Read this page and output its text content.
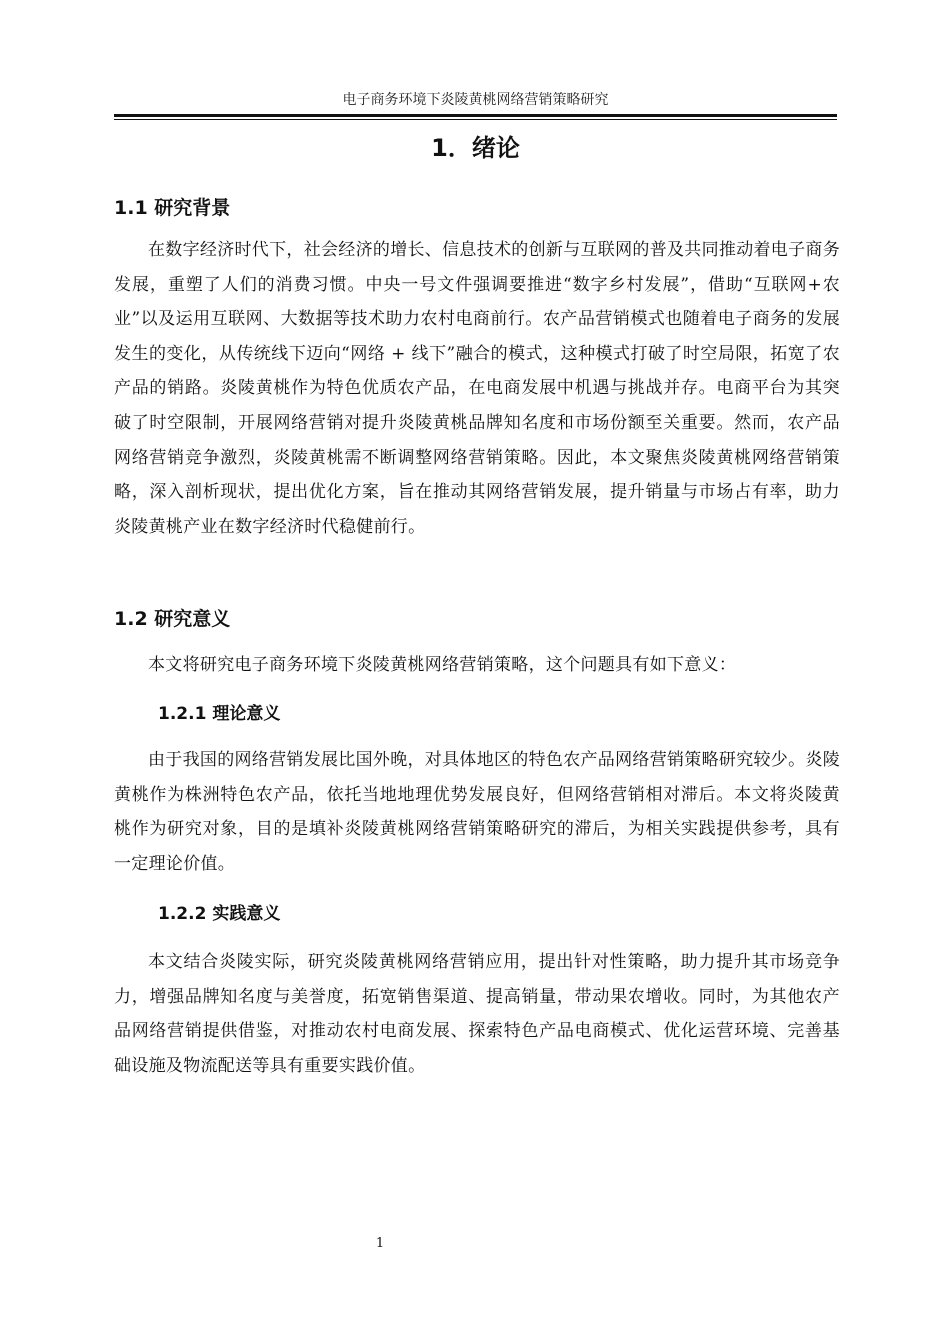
电子商务环境下炎陵黄桃网络营销策略研究
1．绪论
1.1 研究背景

在数字经济时代下，社会经济的增长、信息技术的创新与互联网的普及共同推动着电子商务发展，重塑了人们的消费习惯。中央一号文件强调要推进“数字乡村发展”，借助“互联网+农业”以及运用互联网、大数据等技术助力农村电商前行。农产品营销模式也随着电子商务的发展发生的变化，从传统线下迈向“网络 + 线下”融合的模式，这种模式打破了时空局限，拓宽了农产品的销路。炎陵黄桃作为特色优质农产品，在电商发展中机遇与挑战并存。电商平台为其突破了时空限制，开展网络营销对提升炎陵黄桃品牌知名度和市场份额至关重要。然而，农产品网络营销竞争激烈，炎陵黄桃需不断调整网络营销策略。因此，本文聚焦炎陵黄桃网络营销策略，深入剖析现状，提出优化方案，旨在推动其网络营销发展，提升销量与市场占有率，助力炎陵黄桃产业在数字经济时代稳健前行。

1.2 研究意义

本文将研究电子商务环境下炎陵黄桃网络营销策略，这个问题具有如下意义：

1.2.1 理论意义

由于我国的网络营销发展比国外晚，对具体地区的特色农产品网络营销策略研究较少。炎陵黄桃作为株洲特色农产品，依托当地地理优势发展良好，但网络营销相对滞后。本文将炎陵黄桃作为研究对象，目的是填补炎陵黄桃网络营销策略研究的滞后，为相关实践提供参考，具有一定理论价值。

1.2.2 实践意义

本文结合炎陵实际，研究炎陵黄桃网络营销应用，提出针对性策略，助力提升其市场竞争力，增强品牌知名度与美誉度，拓宽销售渠道、提高销量，带动果农增收。同时，为其他农产品网络营销提供借鉴，对推动农村电商发展、探索特色产品电商模式、优化运营环境、完善基础设施及物流配送等具有重要实践价值。

1
